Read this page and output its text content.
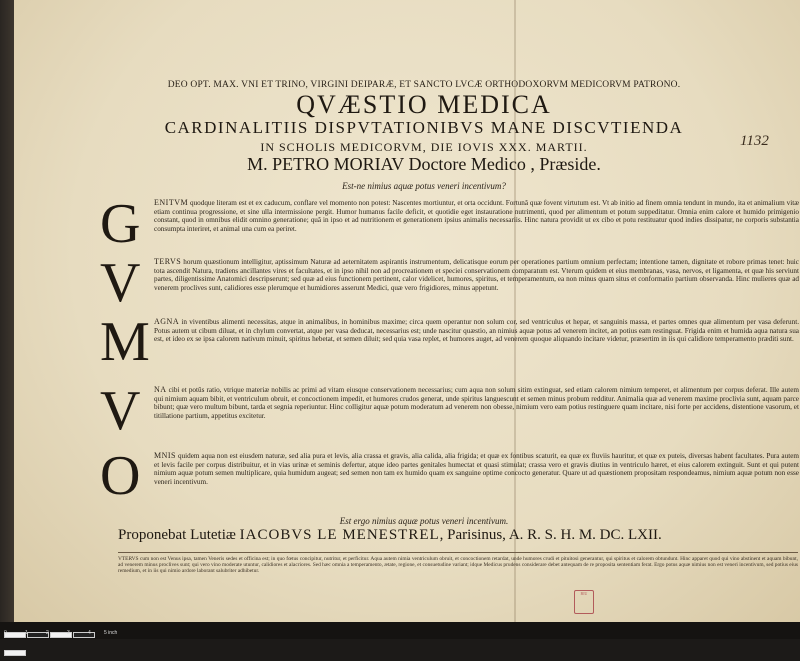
1132
DEO OPT. MAX. VNI ET TRINO, VIRGINI DEIPARÆ, ET SANCTO LVCÆ ORTHODOXORVM MEDICORVM PATRONO.
QVÆSTIO MEDICA
CARDINALITIIS DISPVTATIONIBVS MANE DISCVTIENDA
IN SCHOLIS MEDICORVM, DIE IOVIS XXX. MARTII.
M. PETRO MORIAV Doctore Medico , Præside.
Est-ne nimius aquæ potus veneri incentivum?
G ENITVM quodque literam est et ex caducum, conflare vel momento non potest: Nascentes mortiuntur, et orta occidunt. Fortunâ quæ fovent virtutum est. Vt ab initio ad finem omnia tendunt in mundo, ita et animalium vitæ etiam continua progressione, et sine ulla intermissione pergit. Humor humanus facile deficit, et quotidie eget instauratione nutrimenti, quod per alimentum et potum suppeditatur. Omnia enim calore et humido primigenio constant, quod in omnibus elidit omnino generatione; quâ in ipso et ad nutritionem et generationem ipsius animalis necessariis. Hinc natura providit ut ex cibo et potu restituatur quod indies dissipatur, ne corporis substantia consumpta interiret, et animal una cum ea periret.
V TERVS horum quæstionum intelligitur, aptissimum Naturæ ad aeternitatem aspirantis instrumentum, delicatisque eorum per operationes partium omnium perfectam; intentione tamen, dignitate et robore primas tenet: huic tota ascendit Natura, tradiens ancillantes vires et facultates, et in ipso nihil non ad procreationem et speciei conservationem comparatum est. Vterum quidem et eius membranas, vasa, nervos, et ligamenta, et quæ his serviunt partes, diligentissime Anatomici descripserunt; sed quæ ad eius functionem pertinent, calor videlicet, humores, spiritus, et temperamentum, ea non minus quam situs et conformatio partium observanda. Hinc mulieres quæ ad venerem proclives sunt, calidiores esse plerumque et humidiores asserunt Medici, quæ vero frigidiores, minus appetunt.
M AGNA in viventibus alimenti necessitas, atque in animalibus, in hominibus maxime; circa quem operantur non solum cor, sed ventriculus et hepar, et sanguinis massa, et partes omnes quæ alimentum per vasa deferunt. Potus autem ut cibum diluat, et in chylum convertat, atque per vasa deducat, necessarius est; unde nascitur quæstio, an nimius aquæ potus ad venerem incitet, an potius eam restinguat. Frigida enim et humida aqua natura sua est, et ideo ex se ipsa calorem nativum minuit, spiritus hebetat, et semen diluit; sed quia vasa replet, et humores auget, ad venerem quoque aliquando incitare videtur, præsertim in iis qui calidiore temperamento præditi sunt.
V NA cibi et potûs ratio, vtrique materiæ nobilis ac primi ad vitam eiusque conservationem necessarius; cum aqua non solum sitim extinguat, sed etiam calorem nimium temperet, et alimentum per corpus deferat. Ille autem qui nimium aquam bibit, et ventriculum obruit, et concoctionem impedit, et humores crudos generat, unde spiritus languescunt et semen minus probum redditur. Animalia quæ ad venerem maxime proclivia sunt, aquam parce bibunt; quæ vero multum bibunt, tarda et segnia reperiuntur. Hinc colligitur aquæ potum moderatum ad venerem non obesse, nimium vero eam potius restinguere quam incitare, nisi forte per accidens, distentione vasorum, et titillatione partium, appetitus excitetur.
O MNIS quidem aqua non est eiusdem naturæ, sed alia pura et levis, alia crassa et gravis, alia calida, alia frigida; et quæ ex fontibus scaturit, ea quæ ex fluviis hauritur, et quæ ex puteis, diversas habent facultates. Pura autem et levis facile per corpus distribuitur, et in vias urinæ et seminis defertur, atque ideo partes genitales humectat et quasi stimulat; crassa vero et gravis diutius in ventriculo hæret, et eius calorem extinguit. Sunt et qui putent nimium aquæ potum semen multiplicare, quia humidum augeat; sed semen non tam ex humido quam ex sanguine optime concocto generatur. Quare ut ad quæstionem propositam respondeamus, nimium aquæ potum non esse veneri incentivum.
Est ergo nimius aquæ potus veneri incentivum.
Proponebat Lutetiæ IACOBVS LE MENESTREL, Parisinus, A. R. S. H. M. DC. LXII.
VTERVS cum non est Venus ipsa, tamen Veneris sedes et officina est; in quo fœtus concipitur, nutritur, et perficitur. Aqua autem nimia ventriculum obruit, et concoctionem retardat, unde humores crudi et pituitosi generantur, qui spiritus et calorem obtundunt. Hinc apparet quod qui vino abstinent et aquam bibunt, ad venerem minus proclives sunt; qui vero vino moderate utuntur, calidiores et alacriores. Sed hæc omnia a temperamento, ætate, regione, et consuetudine variant; idque Medicus prudens considerare debet antequam de re proposita sententiam ferat. Ergo potus aquæ nimius non est veneri incentivum, sed potius eius remedium, et in iis qui nimio ardore laborant salubriter adhibetur.
BIU
0	1	2	3	4	5 inch
